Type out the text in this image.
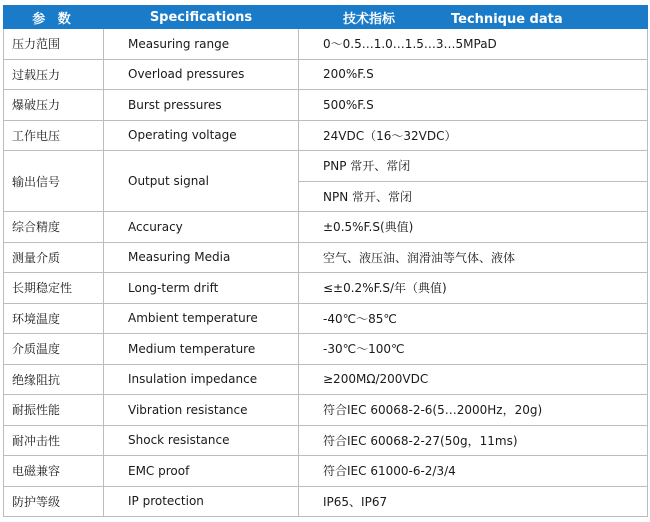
参 数	Specifications	技术指标 Technique data
压力范围	Measuring range	0～0.5…1.0…1.5…3…5MPaD
过载压力	Overload pressures	200%F.S
爆破压力	Burst pressures	500%F.S
工作电压	Operating voltage	24VDC（16～32VDC）
输出信号	Output signal	PNP 常开、常闭
		NPN 常开、常闭
综合精度	Accuracy	±0.5%F.S(典值)
测量介质	Measuring Media	空气、液压油、润滑油等气体、液体
长期稳定性	Long-term drift	≤±0.2%F.S/年（典值)
环境温度	Ambient temperature	-40℃～85℃
介质温度	Medium temperature	-30℃～100℃
绝缘阻抗	Insulation impedance	≥200MΩ/200VDC
耐振性能	Vibration resistance	符合IEC 60068-2-6(5…2000Hz，20g)
耐冲击性	Shock resistance	符合IEC 60068-2-27(50g，11ms)
电磁兼容	EMC proof	符合IEC 61000-6-2/3/4
防护等级	IP protection	IP65、IP67
